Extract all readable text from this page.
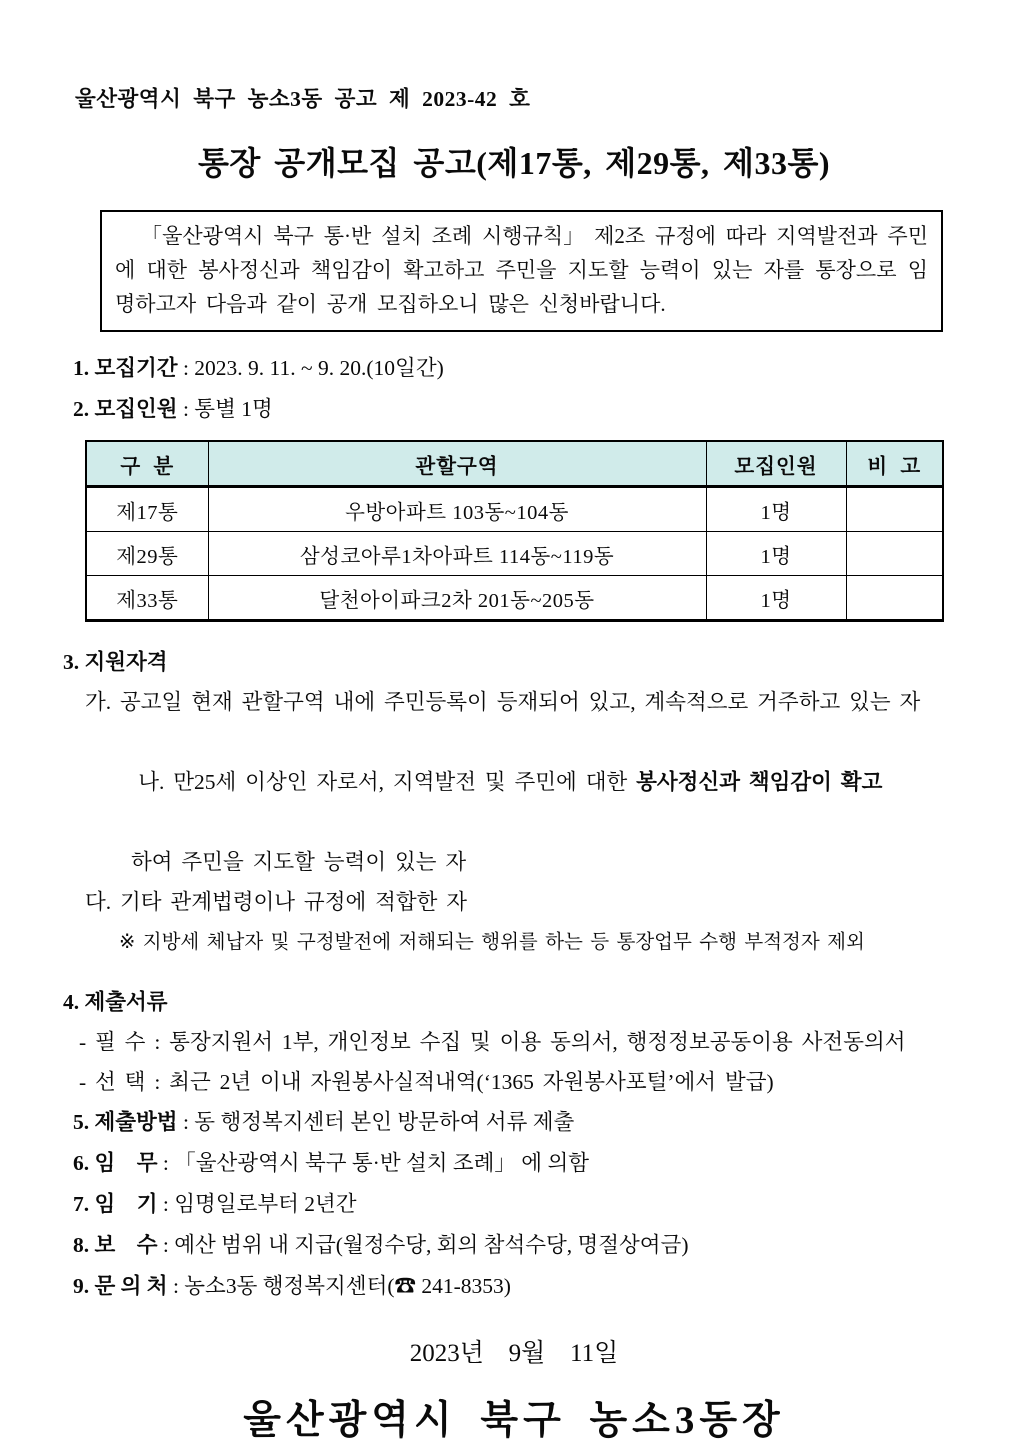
울산광역시 북구 농소3동 공고 제 2023-42 호
통장 공개모집 공고(제17통, 제29통, 제33통)

「울산광역시 북구 통·반 설치 조례 시행규칙」 제2조 규정에 따라 지역발전과 주민에 대한 봉사정신과 책임감이 확고하고 주민을 지도할 능력이 있는 자를 통장으로 임명하고자 다음과 같이 공개 모집하오니 많은 신청바랍니다.

1. 모집기간 : 2023. 9. 11. ~ 9. 20.(10일간)
2. 모집인원 : 통별 1명
구  분	관할구역	모집인원	비  고
제17통	우방아파트 103동~104동	1명	
제29통	삼성코아루1차아파트 114동~119동	1명	
제33통	달천아이파크2차 201동~205동	1명	
3. 지원자격
가. 공고일 현재 관할구역 내에 주민등록이 등재되어 있고, 계속적으로 거주하고 있는 자

나. 만25세 이상인 자로서, 지역발전 및 주민에 대한 봉사정신과 책임감이 확고

하여 주민을 지도할 능력이 있는 자
다. 기타 관계법령이나 규정에 적합한 자
※ 지방세 체납자 및 구정발전에 저해되는 행위를 하는 등 통장업무 수행 부적정자 제외
4. 제출서류
- 필 수 : 통장지원서 1부, 개인정보 수집 및 이용 동의서, 행정정보공동이용 사전동의서
- 선 택 : 최근 2년 이내 자원봉사실적내역(‘1365 자원봉사포털’에서 발급)
5. 제출방법 : 동 행정복지센터 본인 방문하여 서류 제출
6. 임    무 : 「울산광역시 북구 통·반 설치 조례」 에 의함
7. 임    기 : 임명일로부터 2년간
8. 보    수 : 예산 범위 내 지급(월정수당, 회의 참석수당, 명절상여금)
9. 문 의 처 : 농소3동 행정복지센터(☎ 241-8353)
2023년   9월   11일
울산광역시 북구 농소3동장
